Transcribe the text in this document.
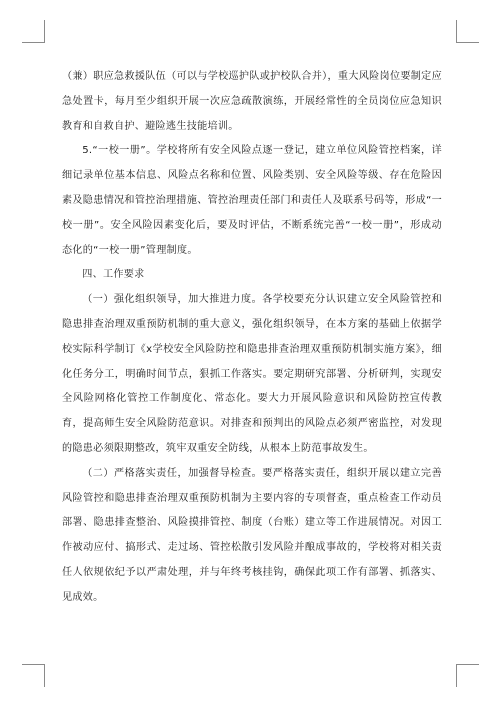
（兼）职应急救援队伍（可以与学校巡护队或护校队合并），重大风险岗位要制定应急处置卡，每月至少组织开展一次应急疏散演练，开展经常性的全员岗位应急知识教育和自救自护、避险逃生技能培训。

5.“一校一册”。学校将所有安全风险点逐一登记，建立单位风险管控档案，详细记录单位基本信息、风险点名称和位置、风险类别、安全风险等级、存在危险因素及隐患情况和管控治理措施、管控治理责任部门和责任人及联系号码等，形成“一校一册”。安全风险因素变化后，要及时评估，不断系统完善“一校一册”，形成动态化的“一校一册”管理制度。

四、工作要求

（一）强化组织领导，加大推进力度。各学校要充分认识建立安全风险管控和隐患排查治理双重预防机制的重大意义，强化组织领导，在本方案的基础上依据学校实际科学制订《x学校安全风险防控和隐患排查治理双重预防机制实施方案》，细化任务分工，明确时间节点，狠抓工作落实。要定期研究部署、分析研判，实现安全风险网格化管控工作制度化、常态化。要大力开展风险意识和风险防控宣传教育，提高师生安全风险防范意识。对排查和预判出的风险点必须严密监控，对发现的隐患必须限期整改，筑牢双重安全防线，从根本上防范事故发生。

（二）严格落实责任，加强督导检查。要严格落实责任，组织开展以建立完善风险管控和隐患排查治理双重预防机制为主要内容的专项督查，重点检查工作动员部署、隐患排查整治、风险摸排管控、制度（台账）建立等工作进展情况。对因工作被动应付、搞形式、走过场、管控松散引发风险并酿成事故的，学校将对相关责任人依规依纪予以严肃处理，并与年终考核挂钩，确保此项工作有部署、抓落实、见成效。
